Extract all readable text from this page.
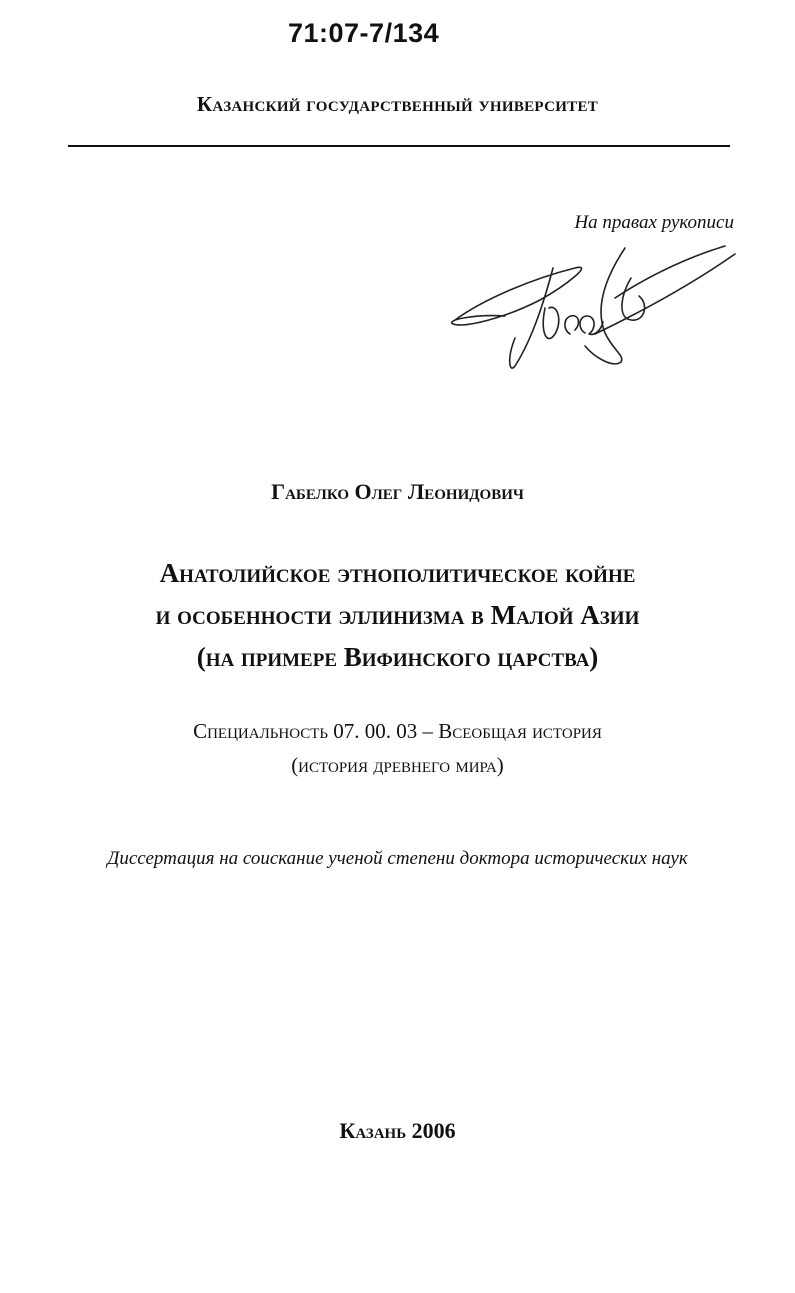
71:07-7/134
Казанский государственный университет
На правах рукописи
Габелко Олег Леонидович
Анатолийское этнополитическое койне
и особенности эллинизма в Малой Азии
(на примере Вифинского царства)
Специальность 07. 00. 03 – Всеобщая история
(история древнего мира)
Диссертация на соискание ученой степени доктора исторических наук
Казань 2006
